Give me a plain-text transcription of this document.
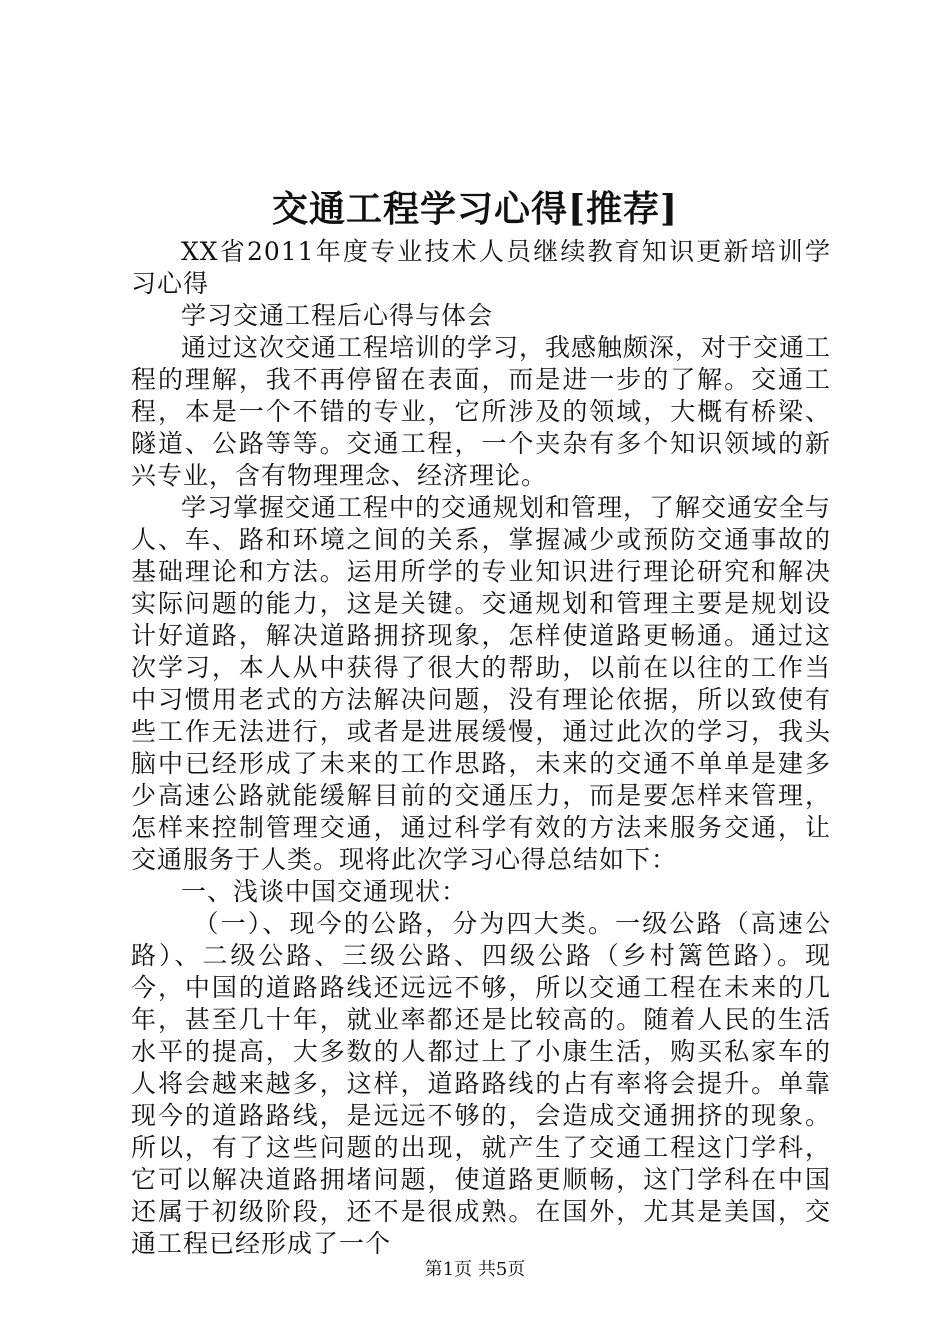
交通工程学习心得[推荐]

XX省2011年度专业技术人员继续教育知识更新培训学习心得

学习交通工程后心得与体会

通过这次交通工程培训的学习，我感触颇深，对于交通工程的理解，我不再停留在表面，而是进一步的了解。交通工程，本是一个不错的专业，它所涉及的领域，大概有桥梁、隧道、公路等等。交通工程，一个夹杂有多个知识领域的新兴专业，含有物理理念、经济理论。

学习掌握交通工程中的交通规划和管理，了解交通安全与人、车、路和环境之间的关系，掌握减少或预防交通事故的基础理论和方法。运用所学的专业知识进行理论研究和解决实际问题的能力，这是关键。交通规划和管理主要是规划设计好道路，解决道路拥挤现象，怎样使道路更畅通。通过这次学习，本人从中获得了很大的帮助，以前在以往的工作当中习惯用老式的方法解决问题，没有理论依据，所以致使有些工作无法进行，或者是进展缓慢，通过此次的学习，我头脑中已经形成了未来的工作思路，未来的交通不单单是建多少高速公路就能缓解目前的交通压力，而是要怎样来管理，怎样来控制管理交通，通过科学有效的方法来服务交通，让交通服务于人类。现将此次学习心得总结如下：

一、浅谈中国交通现状：

（一）、现今的公路，分为四大类。一级公路（高速公路）、二级公路、三级公路、四级公路（乡村篱笆路）。现今，中国的道路路线还远远不够，所以交通工程在未来的几年，甚至几十年，就业率都还是比较高的。随着人民的生活水平的提高，大多数的人都过上了小康生活，购买私家车的人将会越来越多，这样，道路路线的占有率将会提升。单靠现今的道路路线，是远远不够的，会造成交通拥挤的现象。所以，有了这些问题的出现，就产生了交通工程这门学科，它可以解决道路拥堵问题，使道路更顺畅，这门学科在中国还属于初级阶段，还不是很成熟。在国外，尤其是美国，交通工程已经形成了一个

第1页 共5页
